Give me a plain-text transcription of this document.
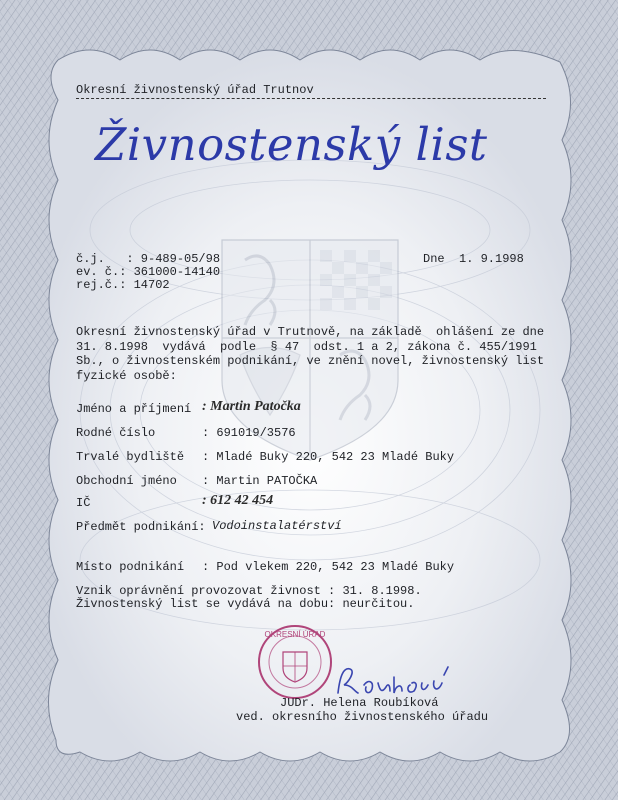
Okresní živnostenský úřad Trutnov
Živnostenský list
č.j.   : 9-489-05/98
ev. č.: 361000-14140
rej.č.: 14702
Dne  1. 9.1998
Okresní živnostenský úřad v Trutnově, na základě  ohlášení ze dne
31. 8.1998  vydává  podle  § 47  odst. 1 a 2, zákona č. 455/1991
Sb., o živnostenském podnikání, ve znění novel, živnostenský list
fyzické osobě:
Jméno a příjmení : Martin Patočka
Rodné číslo	: 691019/3576
Trvalé bydliště : Mladé Buky 220, 542 23 Mladé Buky
Obchodní jméno : Martin PATOČKA
IČ	: 612 42 454
Předmět podnikání: Vodoinstalatérství
Místo podnikání : Pod vlekem 220, 542 23 Mladé Buky
Vznik oprávnění provozovat živnost : 31. 8.1998.
Živnostenský list se vydává na dobu: neurčitou.
OKRESNÍ ÚŘAD
JUDr. Helena Roubíková
ved. okresního živnostenského úřadu
